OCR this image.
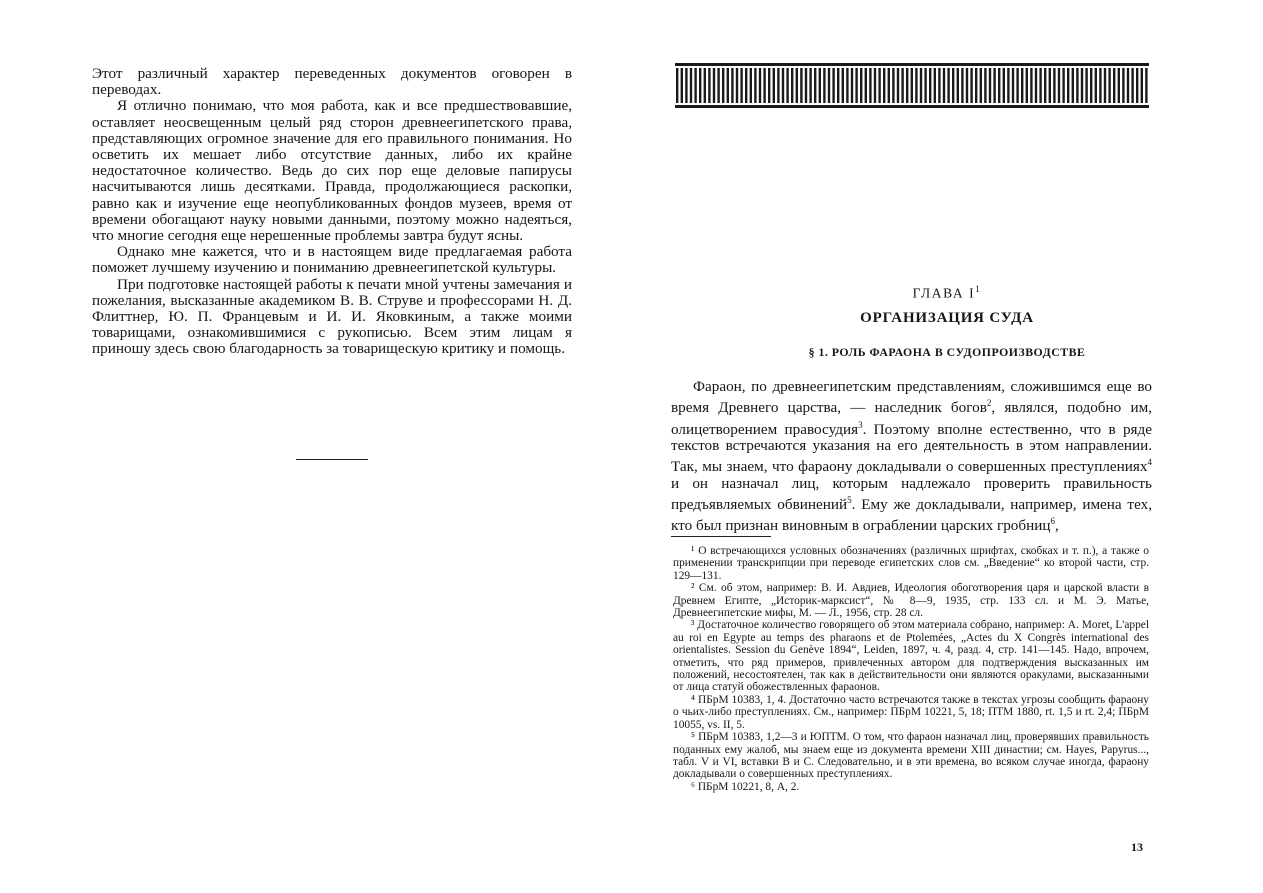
Этот различный характер переведенных документов оговорен в переводах.

Я отлично понимаю, что моя работа, как и все предшествовавшие, оставляет неосвещенным целый ряд сторон древнеегипетского права, представляющих огромное значение для его правильного понимания. Но осветить их мешает либо отсутствие данных, либо их крайне недостаточное количество. Ведь до сих пор еще деловые папирусы насчитываются лишь десятками. Правда, продолжающиеся раскопки, равно как и изучение еще неопубликованных фондов музеев, время от времени обогащают науку новыми данными, поэтому можно надеяться, что многие сегодня еще нерешенные проблемы завтра будут ясны.

Однако мне кажется, что и в настоящем виде предлагаемая работа поможет лучшему изучению и пониманию древнеегипетской культуры.

При подготовке настоящей работы к печати мной учтены замечания и пожелания, высказанные академиком В. В. Струве и профессорами Н. Д. Флиттнер, Ю. П. Францевым и И. И. Яковкиным, а также моими товарищами, ознакомившимися с рукописью. Всем этим лицам я приношу здесь свою благодарность за товарищескую критику и помощь.

ГЛАВА $I^1$
ОРГАНИЗАЦИЯ СУДА
§ 1. РОЛЬ ФАРАОНА В СУДОПРОИЗВОДСТВЕ

Фараон, по древнеегипетским представлениям, сложившимся еще во время Древнего царства, — наследник богов$^2$, являлся, подобно им, олицетворением правосудия$^3$. Поэтому вполне естественно, что в ряде текстов встречаются указания на его деятельность в этом направлении. Так, мы знаем, что фараону докладывали о совершенных преступлениях$^4$ и он назначал лиц, которым надлежало проверить правильность предъявляемых обвинений$^5$. Ему же докладывали, например, имена тех, кто был признан виновным в ограблении царских гробниц$^6$,

¹ О встречающихся условных обозначениях (различных шрифтах, скобках и т. п.), а также о применении транскрипции при переводе египетских слов см. „Введение“ ко второй части, стр. 129—131.

² См. об этом, например: В. И. Авдиев, Идеология обоготворения царя и царской власти в Древнем Египте, „Историк-марксист“, № 8—9, 1935, стр. 133 сл. и М. Э. Матье, Древнеегипетские мифы, М. — Л., 1956, стр. 28 сл.

³ Достаточное количество говорящего об этом материала собрано, например: A. Moret, L'appel au roi en Egypte au temps des pharaons et de Ptolemées, „Actes du X Congrès international des orientalistes. Session du Genève 1894“, Leiden, 1897, ч. 4, разд. 4, стр. 141—145. Надо, впрочем, отметить, что ряд примеров, привлеченных автором для подтверждения высказанных им положений, несостоятелен, так как в действительности они являются оракулами, высказанными от лица статуй обожествленных фараонов.

⁴ ПБрМ 10383, 1, 4. Достаточно часто встречаются также в текстах угрозы сообщить фараону о чьих-либо преступлениях. См., например: ПБрМ 10221, 5, 18; ПТМ 1880, rt. 1,5 и rt. 2,4; ПБрМ 10055, vs. II, 5.

⁵ ПБрМ 10383, 1,2—3 и ЮПТМ. О том, что фараон назначал лиц, проверявших правильность поданных ему жалоб, мы знаем еще из документа времени XIII династии; см. Hayes, Papyrus..., табл. V и VI, вставки B и C. Следовательно, и в эти времена, во всяком случае иногда, фараону докладывали о совершенных преступлениях.

⁶ ПБрМ 10221, 8, А, 2.

13
